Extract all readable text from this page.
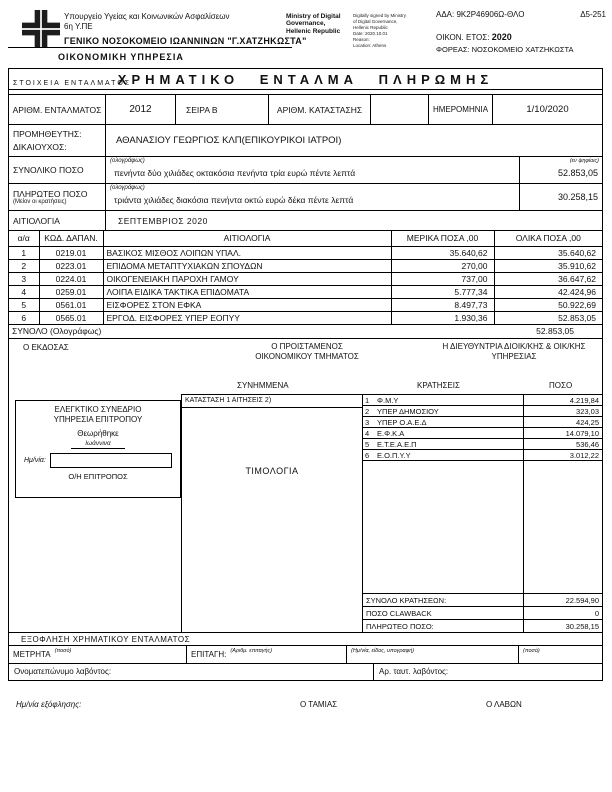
Υπουργείο Υγείας και Κοινωνικών Ασφαλίσεων
6η Υ.ΠΕ
ΓΕΝΙΚΟ ΝΟΣΟΚΟΜΕΙΟ ΙΩΑΝΝΙΝΩΝ "Γ.ΧΑΤΖΗΚΩΣΤΑ"
Ministry of Digital Governance, Hellenic Republic
Digitally signed by Ministry
of Digital Governance,
Hellenic Republic
Date: 2020.10.01
Reason:
Location: Athens
ΑΔΑ: 9Κ2Ρ46906Ω-ΘΛΟ	Δ5-251
ΟΙΚΟΝ. ΕΤΟΣ: 2020
ΦΟΡΕΑΣ: ΝΟΣΟΚΟΜΕΙΟ ΧΑΤΖΗΚΩΣΤΑ
ΟΙΚΟΝΟΜΙΚΗ ΥΠΗΡΕΣΙΑ
ΣΤΟΙΧΕΙΑ ΕΝΤΑΛΜΑΤΟΣ
ΧΡΗΜΑΤΙΚΟ ΕΝΤΑΛΜΑ ΠΛΗΡΩΜΗΣ
ΑΡΙΘΜ. ΕΝΤΑΛΜΑΤΟΣ	2012	ΣΕΙΡΑ Β	ΑΡΙΘΜ. ΚΑΤΑΣΤΑΣΗΣ	ΗΜΕΡΟΜΗΝΙΑ	1/10/2020
ΠΡΟΜΗΘΕΥΤΗΣ:
ΔΙΚΑΙΟΥΧΟΣ:
ΑΘΑΝΑΣΙΟΥ ΓΕΩΡΓΙΟΣ ΚΛΠ(ΕΠΙΚΟΥΡΙΚΟΙ ΙΑΤΡΟΙ)
ΣΥΝΟΛΙΚΟ ΠΟΣΟ
(ολογράφως)
πενήντα δύο χιλιάδες οκτακόσια πενήντα τρία ευρώ πέντε λεπτά
(εν ψηφίοις)
52.853,05
ΠΛΗΡΩΤΕΟ ΠΟΣΟ
(Μείον οι κρατήσεις)
(ολογράφως)
τριάντα χιλιάδες διακόσια πενήντα οκτώ ευρώ δέκα πέντε λεπτά	30.258,15
ΑΙΤΙΟΛΟΓΙΑ	ΣΕΠΤΕΜΒΡΙΟΣ 2020
α/α	ΚΩΔ. ΔΑΠΑΝ.	ΑΙΤΙΟΛΟΓΙΑ	ΜΕΡΙΚΑ ΠΟΣΑ ,00	ΟΛΙΚΑ ΠΟΣΑ ,00
1	0219.01	ΒΑΣΙΚΟΣ ΜΙΣΘΟΣ ΛΟΙΠΩΝ ΥΠΑΛ.	35.640,62	35.640,62
2	0223.01	ΕΠΙΔΟΜΑ ΜΕΤΑΠΤΥΧΙΑΚΩΝ ΣΠΟΥΔΩΝ	270,00	35.910,62
3	0224.01	ΟΙΚΟΓΕΝΕΙΑΚΗ ΠΑΡΟΧΗ ΓΑΜΟΥ	737,00	36.647,62
4	0259.01	ΛΟΙΠΑ ΕΙΔΙΚΑ ΤΑΚΤΙΚΑ ΕΠΙΔΟΜΑΤΑ	5.777,34	42.424,96
5	0561.01	ΕΙΣΦΟΡΕΣ ΣΤΟΝ ΕΦΚΑ	8.497,73	50.922,69
6	0565.01	ΕΡΓΟΔ. ΕΙΣΦΟΡΕΣ ΥΠΕΡ ΕΟΠΥΥ	1.930,36	52.853,05
ΣΥΝΟΛΟ (Ολογράφως)				52.853,05
Ο ΕΚΔΟΣΑΣ	Ο ΠΡΟΙΣΤΑΜΕΝΟΣ ΟΙΚΟΝΟΜΙΚΟΥ ΤΜΗΜΑΤΟΣ
Η ΔΙΕΥΘΥΝΤΡΙΑ ΔΙΟΙΚ/ΚΗΣ & ΟΙΚ/ΚΗΣ ΥΠΗΡΕΣΙΑΣ
ΣΥΝΗΜΜΕΝΑ	ΚΡΑΤΗΣΕΙΣ	ΠΟΣΟ
ΕΛΕΓΚΤΙΚΟ ΣΥΝΕΔΡΙΟ
ΥΠΗΡΕΣΙΑ ΕΠΙΤΡΟΠΟΥ
Θεωρήθηκε
Ιωάννινα
Ημ/νία:
Ο/Η ΕΠΙΤΡΟΠΟΣ
ΚΑΤΑΣΤΑΣΗ 1 ΑΙΤΗΣΕΙΣ 2)
ΤΙΜΟΛΟΓΙΑ
1	Φ.Μ.Υ	4.219,84
2	ΥΠΕΡ ΔΗΜΟΣΙΟΥ	323,03
3	ΥΠΕΡ Ο.Α.Ε.Δ	424,25
4	Ε.Φ.Κ.Α	14.079,10
5	Ε.Τ.Ε.Α.Ε.Π	536,46
6	Ε.Ο.Π.Υ.Υ	3.012,22
ΣΥΝΟΛΟ ΚΡΑΤΗΣΕΩΝ:	22.594,90
ΠΟΣΟ CLAWBACK	0
ΠΛΗΡΩΤΕΟ ΠΟΣΟ:	30.258,15
ΕΞΟΦΛΗΣΗ ΧΡΗΜΑΤΙΚΟΥ ΕΝΤΑΛΜΑΤΟΣ
ΜΕΤΡΗΤΑ (ποσό)	ΕΠΙΤΑΓΗ: (Αριθμ. επιταγής)	(Ημ/νία, είδος, υπογραφή)	(ποσό)
Ονοματεπώνυμο λαβόντος:	Αρ. ταυτ. λαβόντος:
Ημ/νία εξόφλησης:	Ο ΤΑΜΙΑΣ	Ο ΛΑΒΩΝ
